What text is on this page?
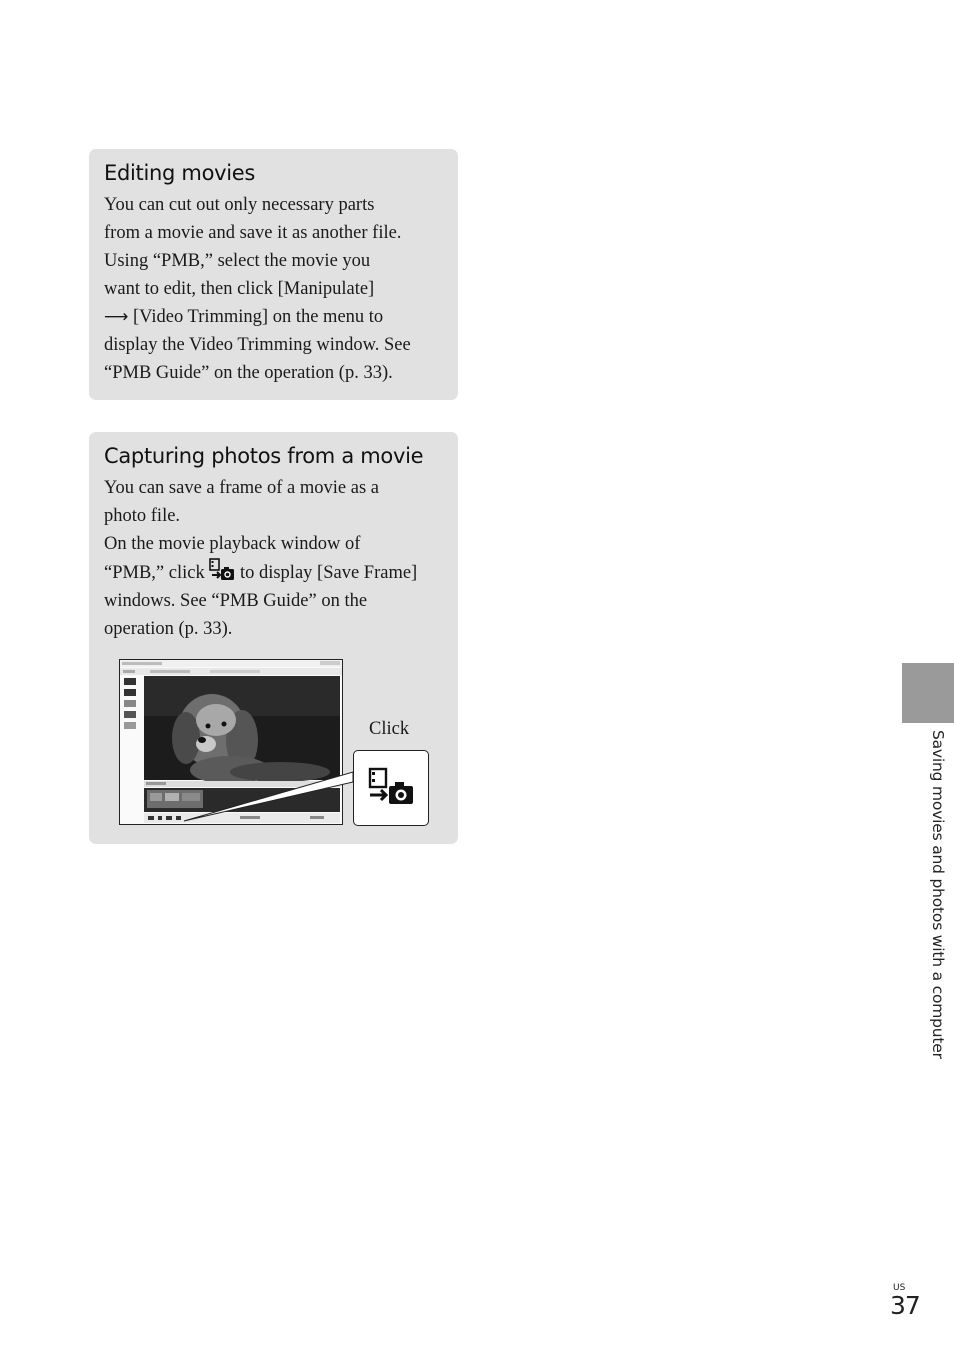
Editing movies

You can cut out only necessary parts
from a movie and save it as another file.
Using “PMB,” select the movie you
want to edit, then click [Manipulate]
⟶ [Video Trimming] on the menu to
display the Video Trimming window. See
“PMB Guide” on the operation (p. 33).

Capturing photos from a movie

You can save a frame of a movie as a
photo file.
On the movie playback window of
“PMB,” click to display [Save Frame]
windows. See “PMB Guide” on the
operation (p. 33).

Click
Saving movies and photos with a computer
US
37
